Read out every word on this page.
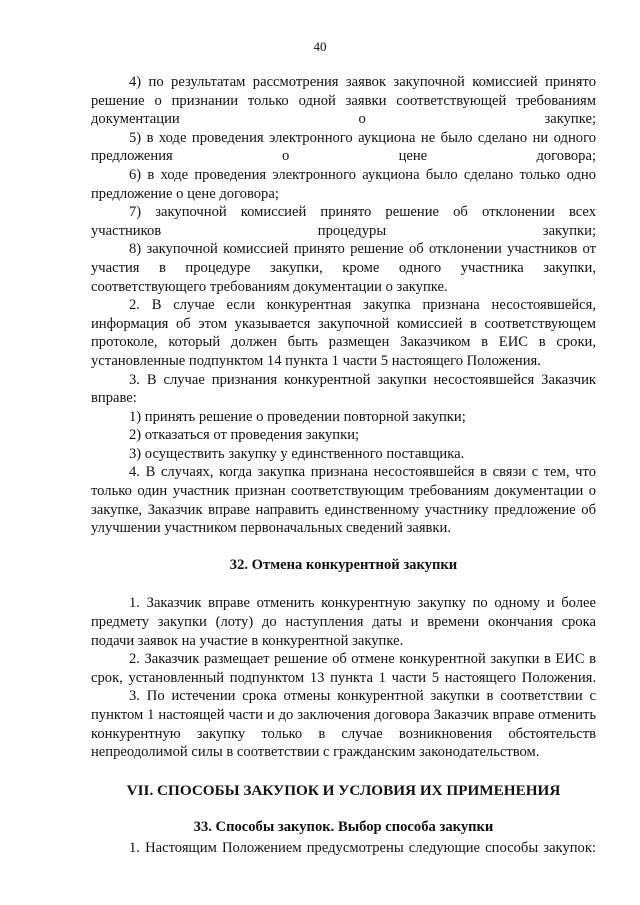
40

4) по результатам рассмотрения заявок закупочной комиссией принято решение о признании только одной заявки соответствующей требованиям документации о закупке;

5) в ходе проведения электронного аукциона не было сделано ни одного предложения о цене договора;

6) в ходе проведения электронного аукциона было сделано только одно предложение о цене договора;

7) закупочной комиссией принято решение об отклонении всех участников процедуры закупки;

8) закупочной комиссией принято решение об отклонении участников от участия в процедуре закупки, кроме одного участника закупки, соответствующего требованиям документации о закупке.

2. В случае если конкурентная закупка признана несостоявшейся, информация об этом указывается закупочной комиссией в соответствующем протоколе, который должен быть размещен Заказчиком в ЕИС в сроки, установленные подпунктом 14 пункта 1 части 5 настоящего Положения.

3. В случае признания конкурентной закупки несостоявшейся Заказчик вправе:

1) принять решение о проведении повторной закупки;

2) отказаться от проведения закупки;

3) осуществить закупку у единственного поставщика.

4. В случаях, когда закупка признана несостоявшейся в связи с тем, что только один участник признан соответствующим требованиям документации о закупке, Заказчик вправе направить единственному участнику предложение об улучшении участником первоначальных сведений заявки.

32. Отмена конкурентной закупки

1. Заказчик вправе отменить конкурентную закупку по одному и более предмету закупки (лоту) до наступления даты и времени окончания срока подачи заявок на участие в конкурентной закупке.

2. Заказчик размещает решение об отмене конкурентной закупки в ЕИС в срок, установленный подпунктом 13 пункта 1 части 5 настоящего Положения.

3. По истечении срока отмены конкурентной закупки в соответствии с пунктом 1 настоящей части и до заключения договора Заказчик вправе отменить конкурентную закупку только в случае возникновения обстоятельств непреодолимой силы в соответствии с гражданским законодательством.

VII. СПОСОБЫ ЗАКУПОК И УСЛОВИЯ ИХ ПРИМЕНЕНИЯ

33. Способы закупок. Выбор способа закупки

1. Настоящим Положением предусмотрены следующие способы закупок:
